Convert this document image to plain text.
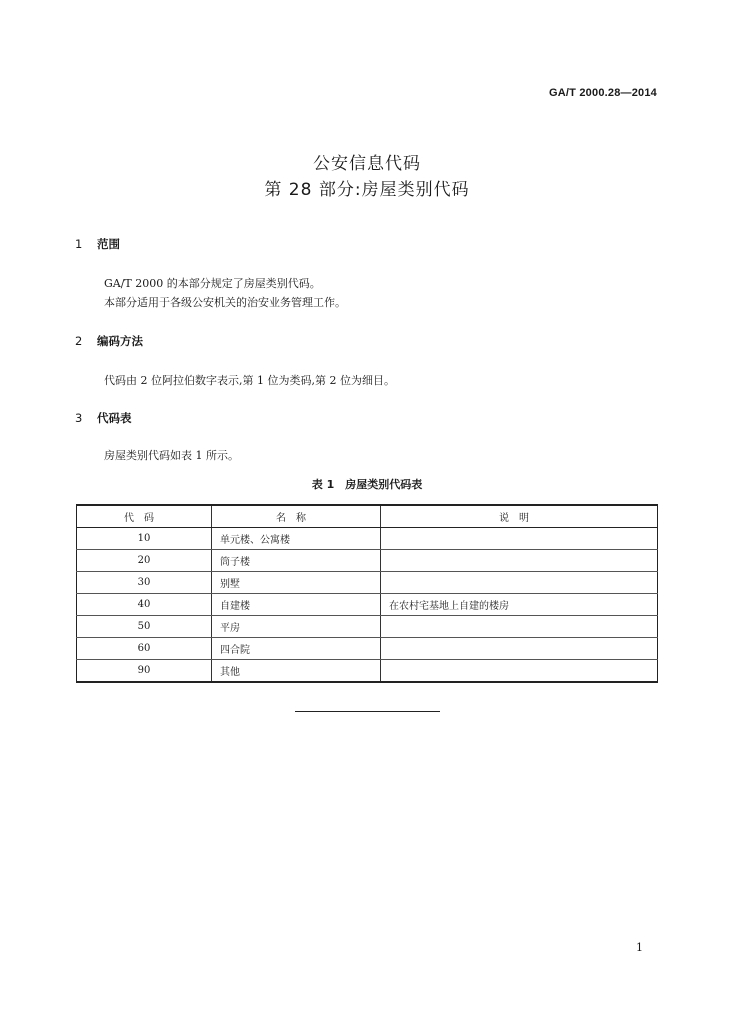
GA/T 2000.28—2014
公安信息代码
第 28 部分:房屋类别代码
1 范围
GA/T 2000 的本部分规定了房屋类别代码。
本部分适用于各级公安机关的治安业务管理工作。
2 编码方法
代码由 2 位阿拉伯数字表示,第 1 位为类码,第 2 位为细目。
3 代码表
房屋类别代码如表 1 所示。
表 1　房屋类别代码表
代码	名称	说明
10	单元楼、公寓楼	
20	筒子楼	
30	别墅	
40	自建楼	在农村宅基地上自建的楼房
50	平房	
60	四合院	
90	其他	
1
